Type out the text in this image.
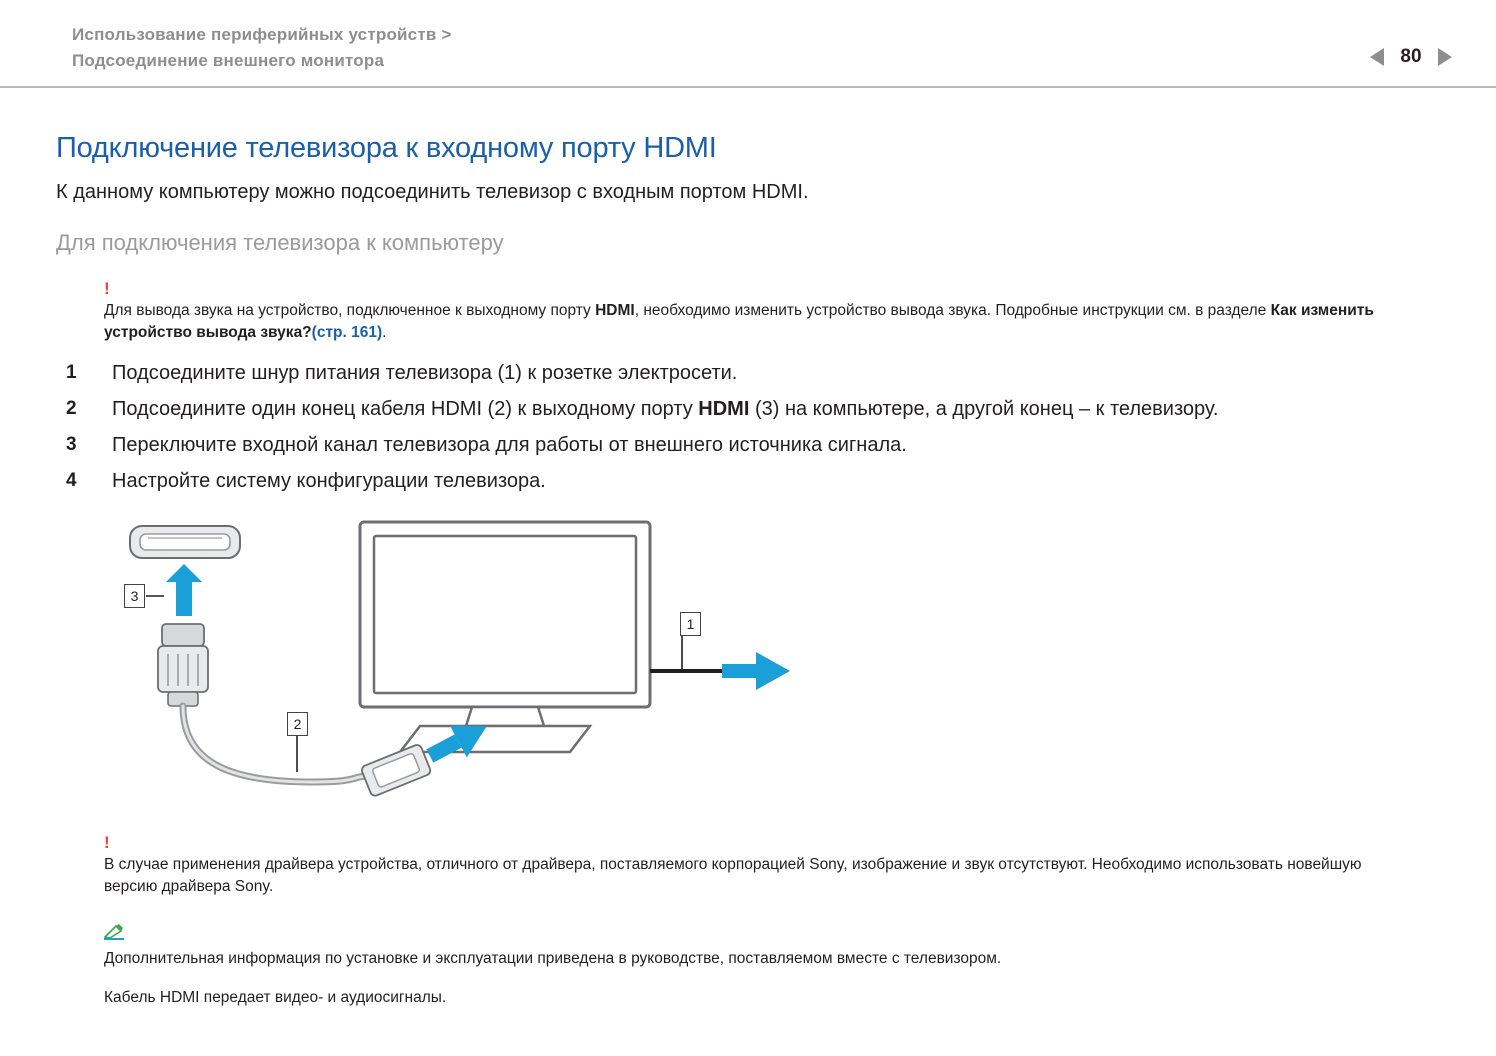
Использование периферийных устройств >
Подсоединение внешнего монитора	80
Подключение телевизора к входному порту HDMI

К данному компьютеру можно подсоединить телевизор с входным портом HDMI.

Для подключения телевизора к компьютеру
!
Для вывода звука на устройство, подключенное к выходному порту HDMI, необходимо изменить устройство вывода звука. Подробные инструкции см. в разделе Как изменить устройство вывода звука?(стр. 161).
1 Подсоедините шнур питания телевизора (1) к розетке электросети.
2 Подсоедините один конец кабеля HDMI (2) к выходному порту HDMI (3) на компьютере, а другой конец – к телевизору.
3 Переключите входной канал телевизора для работы от внешнего источника сигнала.
4 Настройте систему конфигурации телевизора.
1
2
3
!
В случае применения драйвера устройства, отличного от драйвера, поставляемого корпорацией Sony, изображение и звук отсутствуют. Необходимо использовать новейшую версию драйвера Sony.

Дополнительная информация по установке и эксплуатации приведена в руководстве, поставляемом вместе с телевизором.

Кабель HDMI передает видео- и аудиосигналы.
